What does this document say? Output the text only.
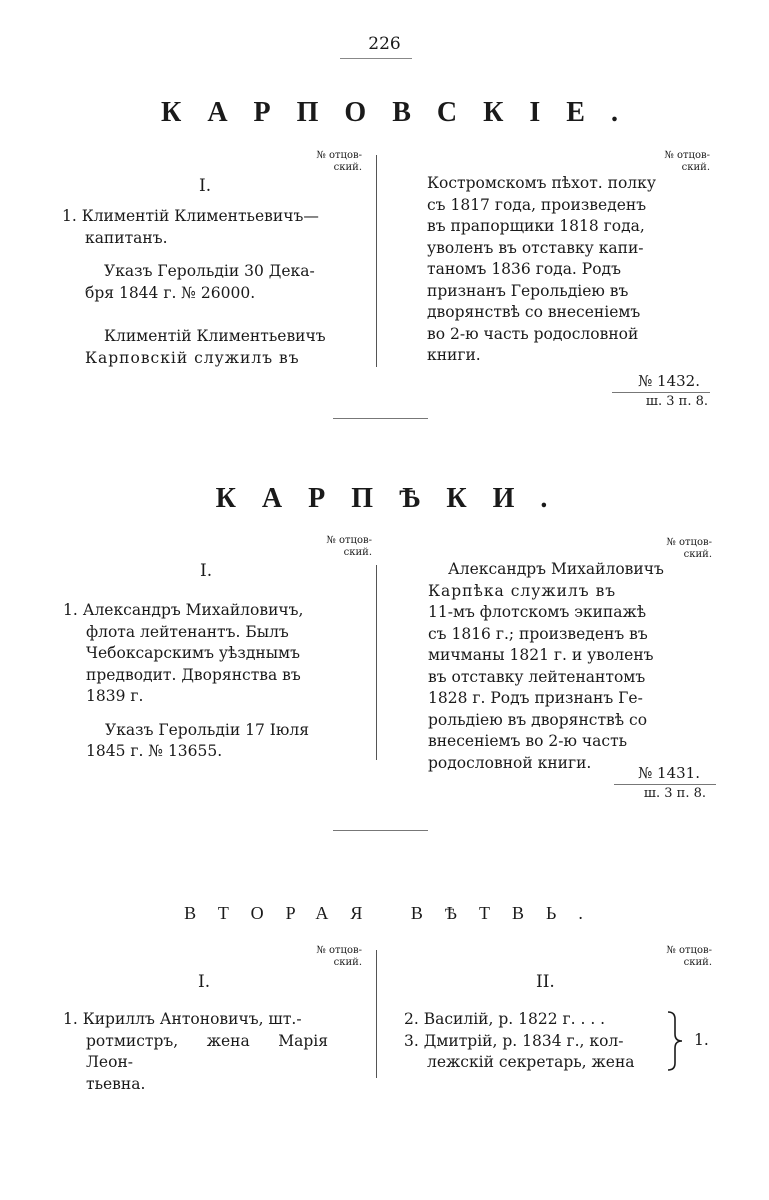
226
КАРПОВСКІЕ.
№ отцов-ский.
№ отцов-ский.
I.

1. Климентій Климентьевичъ—

капитанъ.

Указъ Герольдіи 30 Дека-

бря 1844 г. № 26000.

Климентій Климентьевичъ

Карповскій служилъ въ

Костромскомъ пѣхот. полку

съ 1817 года, произведенъ

въ прапорщики 1818 года,

уволенъ въ отставку капи-

таномъ 1836 года. Родъ

признанъ Герольдіею въ

дворянствѣ со внесеніемъ

во 2-ю часть родословной

книги.

№ 1432.
ш. 3 п. 8.
КАРПѢКИ.
№ отцов-ский.
№ отцов-ский.
I.

1. Александръ Михайловичъ,

флота лейтенантъ. Былъ

Чебоксарскимъ уѣзднымъ

предводит. Дворянства въ

1839 г.

Указъ Герольдіи 17 Іюля

1845 г. № 13655.

Александръ Михайловичъ

Карпѣка служилъ въ

11-мъ флотскомъ экипажѣ

съ 1816 г.; произведенъ въ

мичманы 1821 г. и уволенъ

въ отставку лейтенантомъ

1828 г. Родъ признанъ Ге-

рольдіею въ дворянствѣ со

внесеніемъ во 2-ю часть

родословной книги.

№ 1431.
ш. 3 п. 8.
ВТОРАЯ ВѢТВЬ.
№ отцов-ский.
№ отцов-ский.
I.	II.

1. Кириллъ Антоновичъ, шт.-

ротмистръ, жена Марія Леон-

тьевна.

2. Василій, р. 1822 г. . . .

3. Дмитрій, р. 1834 г., кол-

лежскій секретарь, жена

1.
